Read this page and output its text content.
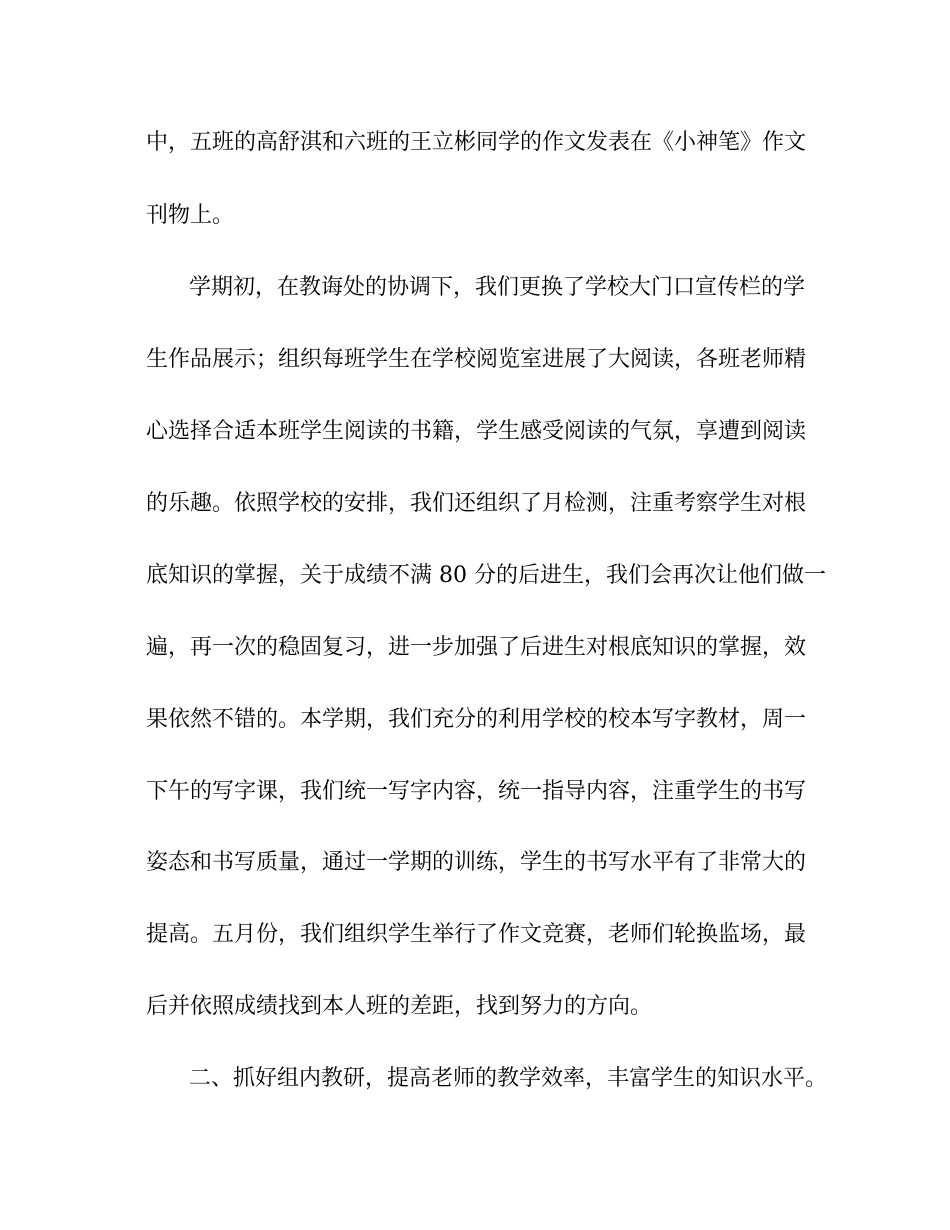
中，五班的高舒淇和六班的王立彬同学的作文发表在《小神笔》作文
刊物上。
学期初，在教诲处的协调下，我们更换了学校大门口宣传栏的学
生作品展示；组织每班学生在学校阅览室进展了大阅读，各班老师精
心选择合适本班学生阅读的书籍，学生感受阅读的气氛，享遭到阅读
的乐趣。依照学校的安排，我们还组织了月检测，注重考察学生对根
底知识的掌握，关于成绩不满 80 分的后进生，我们会再次让他们做一
遍，再一次的稳固复习，进一步加强了后进生对根底知识的掌握，效
果依然不错的。本学期，我们充分的利用学校的校本写字教材，周一
下午的写字课，我们统一写字内容，统一指导内容，注重学生的书写
姿态和书写质量，通过一学期的训练，学生的书写水平有了非常大的
提高。五月份，我们组织学生举行了作文竞赛，老师们轮换监场，最
后并依照成绩找到本人班的差距，找到努力的方向。
二、抓好组内教研，提高老师的教学效率，丰富学生的知识水平。
